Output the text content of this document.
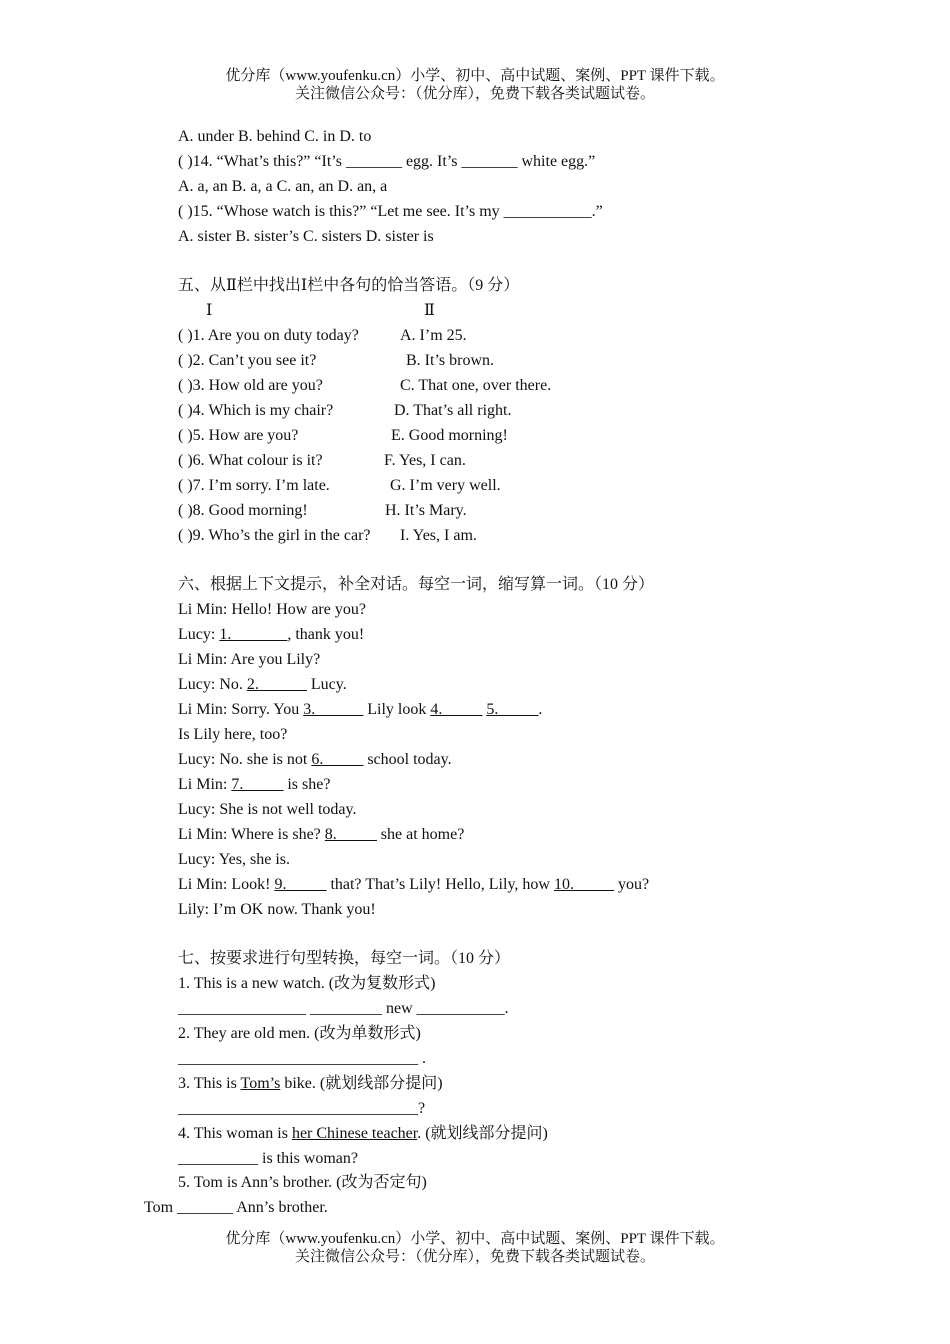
优分库（www.youfenku.cn）小学、初中、高中试题、案例、PPT 课件下载。
关注微信公众号：（优分库），免费下载各类试题试卷。
A. under B. behind C. in D. to
( )14. “What’s this?” “It’s _______ egg. It’s _______ white egg.”
A. a, an B. a, a C. an, an D. an, a
( )15. “Whose watch is this?” “Let me see. It’s my ___________.”
A. sister B. sister’s C. sisters D. sister is
五、从Ⅱ栏中找出Ⅰ栏中各句的恰当答语。（9 分）
Ⅰ	Ⅱ
( )1. Are you on duty today?	A. I’m 25.
( )2. Can’t you see it?	B. It’s brown.
( )3. How old are you?	C. That one, over there.
( )4. Which is my chair?	D. That’s all right.
( )5. How are you?	E. Good morning!
( )6. What colour is it?	F. Yes, I can.
( )7. I’m sorry. I’m late.	G. I’m very well.
( )8. Good morning!	H. It’s Mary.
( )9. Who’s the girl in the car? I. Yes, I am.
六、根据上下文提示，补全对话。每空一词，缩写算一词。（10 分）
Li Min: Hello! How are you?
Lucy: 1._______, thank you!
Li Min: Are you Lily?
Lucy: No. 2.______ Lucy.
Li Min: Sorry. You 3.______ Lily look 4._____ 5._____.
Is Lily here, too?
Lucy: No. she is not 6._____ school today.
Li Min: 7._____ is she?
Lucy: She is not well today.
Li Min: Where is she? 8._____ she at home?
Lucy: Yes, she is.
Li Min: Look! 9._____ that? That’s Lily! Hello, Lily, how 10._____ you?
Lily: I’m OK now. Thank you!
七、按要求进行句型转换，每空一词。（10 分）
1. This is a new watch. (改为复数形式)
________________ _________ new ___________.
2. They are old men. (改为单数形式)
______________________________ .
3. This is Tom’s bike. (就划线部分提问)
______________________________?
4. This woman is her Chinese teacher. (就划线部分提问)
__________ is this woman?
5. Tom is Ann’s brother. (改为否定句)
Tom _______ Ann’s brother.
优分库（www.youfenku.cn）小学、初中、高中试题、案例、PPT 课件下载。
关注微信公众号：（优分库），免费下载各类试题试卷。
